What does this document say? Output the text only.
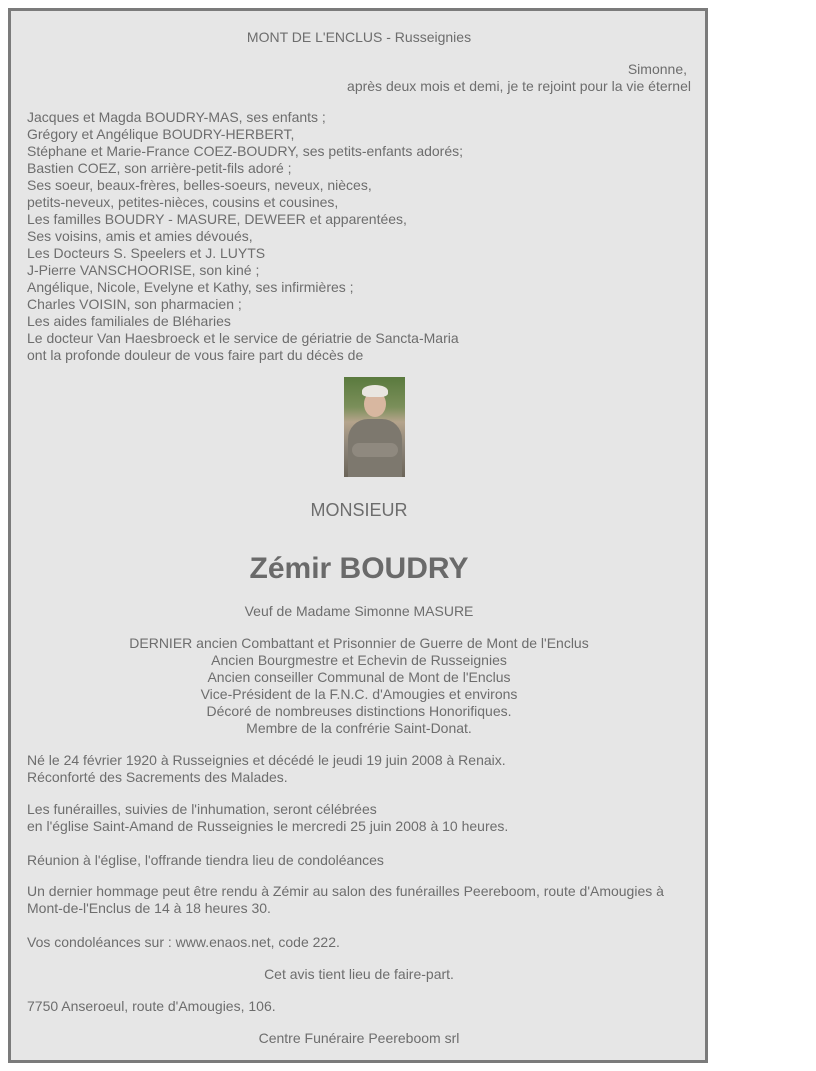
MONT DE L'ENCLUS - Russeignies
Simonne,
après deux mois et demi, je te rejoint pour la vie éternel
Jacques et Magda BOUDRY-MAS, ses enfants ;
Grégory et Angélique BOUDRY-HERBERT,
Stéphane et Marie-France COEZ-BOUDRY, ses petits-enfants adorés;
Bastien COEZ, son arrière-petit-fils adoré ;
Ses soeur, beaux-frères, belles-soeurs, neveux, nièces,
petits-neveux, petites-nièces, cousins et cousines,
Les familles BOUDRY - MASURE, DEWEER et apparentées,
Ses voisins, amis et amies dévoués,
Les Docteurs S. Speelers et J. LUYTS
J-Pierre VANSCHOORISE, son kiné ;
Angélique, Nicole, Evelyne et Kathy, ses infirmières ;
Charles VOISIN, son pharmacien ;
Les aides familiales de Bléharies
Le docteur Van Haesbroeck et le service de gériatrie de Sancta-Maria
ont la profonde douleur de vous faire part du décès de
MONSIEUR
Zémir BOUDRY
Veuf de Madame Simonne MASURE
DERNIER ancien Combattant et Prisonnier de Guerre de Mont de l'Enclus
Ancien Bourgmestre et Echevin de Russeignies
Ancien conseiller Communal de Mont de l'Enclus
Vice-Président de la F.N.C. d'Amougies et environs
Décoré de nombreuses distinctions Honorifiques.
Membre de la confrérie Saint-Donat.
Né le 24 février 1920 à Russeignies et décédé le jeudi 19 juin 2008 à Renaix.
Réconforté des Sacrements des Malades.
Les funérailles, suivies de l'inhumation, seront célébrées
en l'église Saint-Amand de Russeignies le mercredi 25 juin 2008 à 10 heures.
Réunion à l'église, l'offrande tiendra lieu de condoléances
Un dernier hommage peut être rendu à Zémir au salon des funérailles Peereboom, route d'Amougies à
Mont-de-l'Enclus de 14 à 18 heures 30.
Vos condoléances sur : www.enaos.net, code 222.
Cet avis tient lieu de faire-part.
7750 Anseroeul, route d'Amougies, 106.
Centre Funéraire Peereboom srl
